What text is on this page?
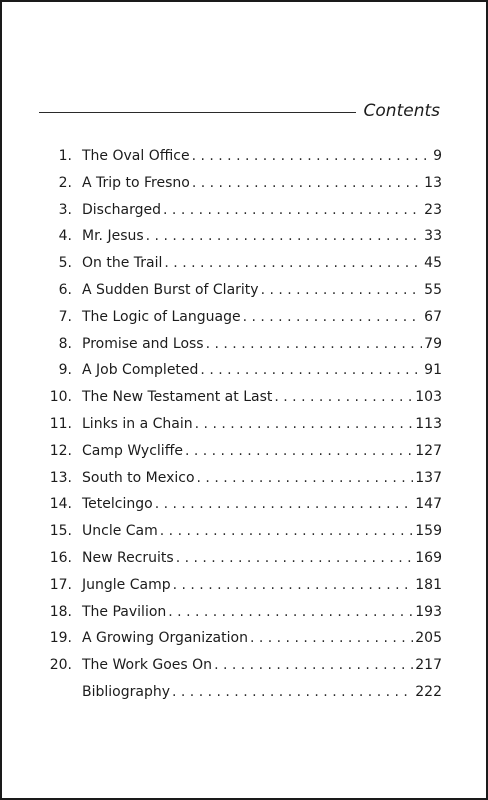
Contents
1. The Oval Office . . .	9
2. A Trip to Fresno . . .	13
3. Discharged . . .	23
4. Mr. Jesus . . .	33
5. On the Trail . . .	45
6. A Sudden Burst of Clarity . . .	55
7. The Logic of Language . . .	67
8. Promise and Loss . . .	79
9. A Job Completed . . .	91
10. The New Testament at Last . . .	103
11. Links in a Chain . . .	113
12. Camp Wycliffe . . .	127
13. South to Mexico . . .	137
14. Tetelcingo . . .	147
15. Uncle Cam . . .	159
16. New Recruits . . .	169
17. Jungle Camp . . .	181
18. The Pavilion . . .	193
19. A Growing Organization . . .	205
20. The Work Goes On . . .	217
Bibliography . . .	222
